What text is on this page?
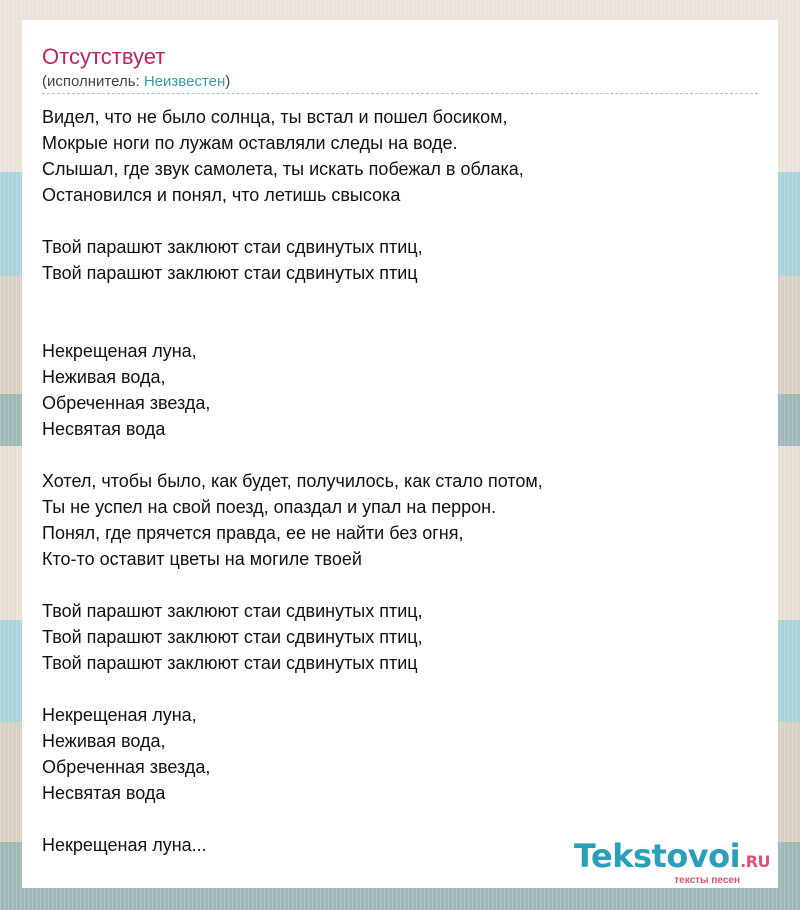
Отсутствует
(исполнитель: Неизвестен)
Видел, что не было солнца, ты встал и пошел босиком,
Мокрые ноги по лужам оставляли следы на воде.
Слышал, где звук самолета, ты искать побежал в облака,
Остановился и понял, что летишь свысока
Твой парашют заклюют стаи сдвинутых птиц,
Твой парашют заклюют стаи сдвинутых птиц
Некрещеная луна,
Неживая вода,
Обреченная звезда,
Несвятая вода
Хотел, чтобы было, как будет, получилось, как стало потом,
Ты не успел на свой поезд, опаздал и упал на перрон.
Понял, где прячется правда, ее не найти без огня,
Кто-то оставит цветы на могиле твоей
Твой парашют заклюют стаи сдвинутых птиц,
Твой парашют заклюют стаи сдвинутых птиц,
Твой парашют заклюют стаи сдвинутых птиц
Некрещеная луна,
Неживая вода,
Обреченная звезда,
Несвятая вода
Некрещеная луна...	Tekstovoi.RU
тексты песен
